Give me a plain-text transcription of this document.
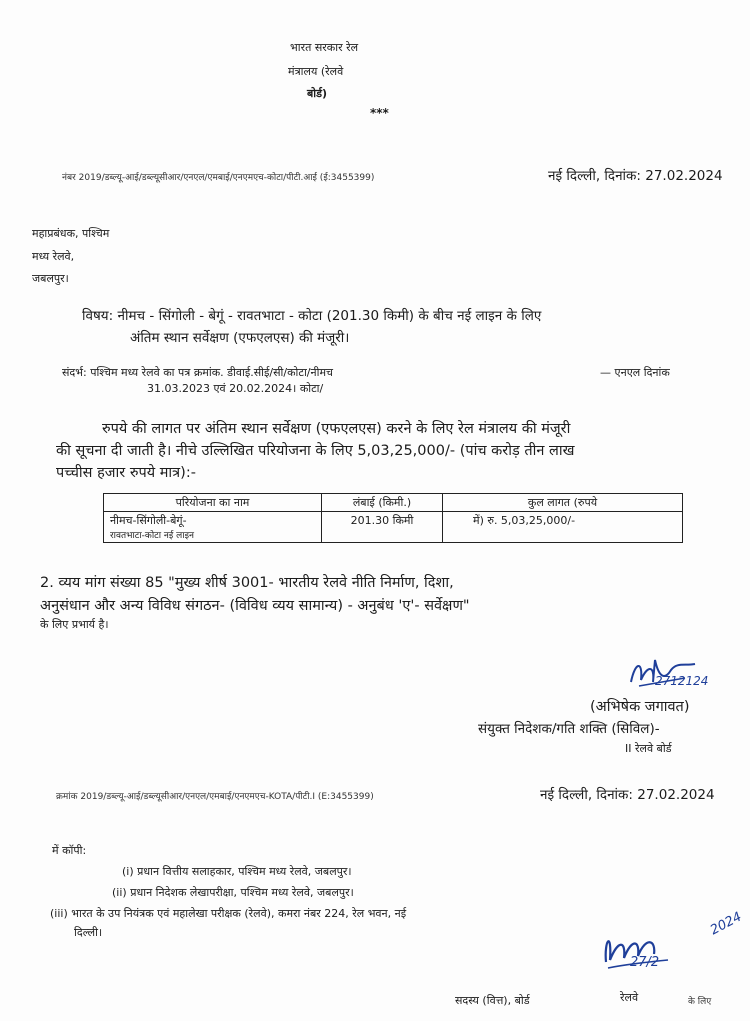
भारत सरकार रेल
मंत्रालय (रेलवे
बोर्ड)
***
नंबर 2019/डब्ल्यू-आई/डब्ल्यूसीआर/एनएल/एमबाई/एनएमएच-कोटा/पीटी.आई (ई:3455399)	नई दिल्ली, दिनांक: 27.02.2024
महाप्रबंधक, पश्चिम
मध्य रेलवे,
जबलपुर।
विषय: नीमच - सिंगोली - बेगूं - रावतभाटा - कोटा (201.30 किमी) के बीच नई लाइन के लिए
अंतिम स्थान सर्वेक्षण (एफएलएस) की मंजूरी।
संदर्भ: पश्चिम मध्य रेलवे का पत्र क्रमांक. डीवाई.सीई/सी/कोटा/नीमच	— एनएल दिनांक
31.03.2023 एवं 20.02.2024। कोटा/
रुपये की लागत पर अंतिम स्थान सर्वेक्षण (एफएलएस) करने के लिए रेल मंत्रालय की मंजूरी
की सूचना दी जाती है। नीचे उल्लिखित परियोजना के लिए 5,03,25,000/- (पांच करोड़ तीन लाख
पच्चीस हजार रुपये मात्र):-
परियोजना का नाम	लंबाई (किमी.)	कुल लागत (रुपये

नीमच-सिंगोली-बेगूं-
रावतभाटा-कोटा नई लाइन	201.30 किमी	में) रु. 5,03,25,000/-
2. व्यय मांग संख्या 85 "मुख्य शीर्ष 3001- भारतीय रेलवे नीति निर्माण, दिशा,
अनुसंधान और अन्य विविध संगठन- (विविध व्यय सामान्य) - अनुबंध 'ए'- सर्वेक्षण"
के लिए प्रभार्य है।
2712124
(अभिषेक जगावत)
संयुक्त निदेशक/गति शक्ति (सिविल)-
II रेलवे बोर्ड
क्रमांक 2019/डब्ल्यू-आई/डब्ल्यूसीआर/एनएल/एमबाई/एनएमएच-KOTA/पीटी.I (E:3455399)	नई दिल्ली, दिनांक: 27.02.2024
में कॉपी:
(i) प्रधान वित्तीय सलाहकार, पश्चिम मध्य रेलवे, जबलपुर।
(ii) प्रधान निदेशक लेखापरीक्षा, पश्चिम मध्य रेलवे, जबलपुर।
(iii) भारत के उप नियंत्रक एवं महालेखा परीक्षक (रेलवे), कमरा नंबर 224, रेल भवन, नई
दिल्ली।
27/2
2024
सदस्य (वित्त), बोर्ड	रेलवे	के लिए
